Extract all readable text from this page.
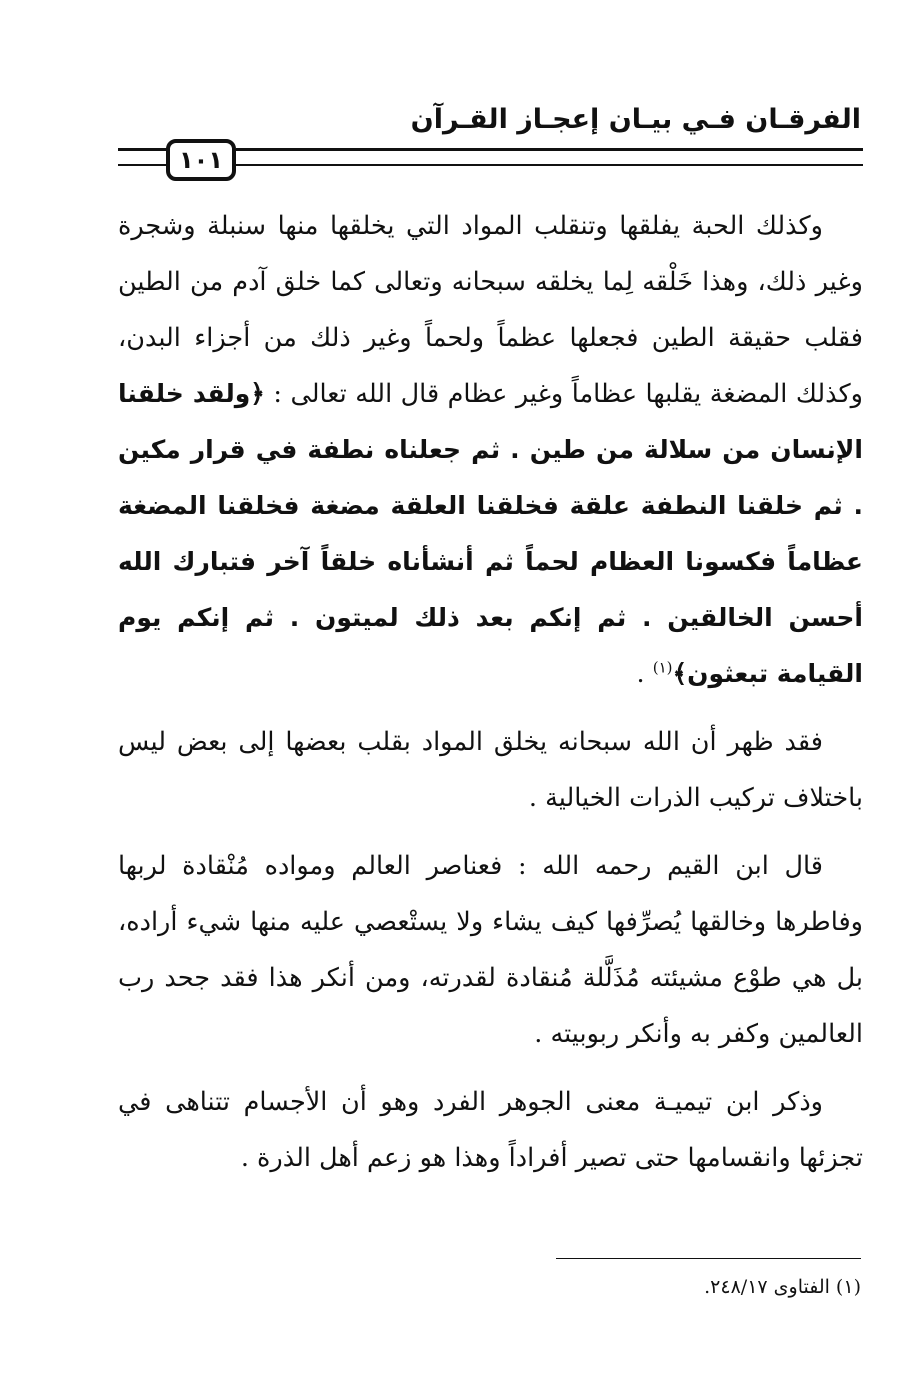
الفرقـان فـي بيـان إعجـاز القـرآن
١٠١

وكذلك الحبة يفلقها وتنقلب المواد التي يخلقها منها سنبلة وشجرة وغير ذلك، وهذا خَلْقه لِما يخلقه سبحانه وتعالى كما خلق آدم من الطين فقلب حقيقة الطين فجعلها عظماً ولحماً وغير ذلك من أجزاء البدن، وكذلك المضغة يقلبها عظاماً وغير عظام قال الله تعالى : ﴿ولقد خلقنا الإنسان من سلالة من طين . ثم جعلناه نطفة في قرار مكين . ثم خلقنا النطفة علقة فخلقنا العلقة مضغة فخلقنا المضغة عظاماً فكسونا العظام لحماً ثم أنشأناه خلقاً آخر فتبارك الله أحسن الخالقين . ثم إنكم بعد ذلك لميتون . ثم إنكم يوم القيامة تبعثون﴾$^{(١)}$ .

فقد ظهر أن الله سبحانه يخلق المواد بقلب بعضها إلى بعض ليس باختلاف تركيب الذرات الخيالية .

قال ابن القيم رحمه الله : فعناصر العالم ومواده مُنْقادة لربها وفاطرها وخالقها يُصرِّفها كيف يشاء ولا يستْعصي عليه منها شيء أراده، بل هي طوْع مشيئته مُذَلَّلة مُنقادة لقدرته، ومن أنكر هذا فقد جحد رب العالمين وكفر به وأنكر ربوبيته .

وذكر ابن تيميـة معنى الجوهر الفرد وهو أن الأجسام تتناهى في تجزئها وانقسامها حتى تصير أفراداً وهذا هو زعم أهل الذرة .

(١) الفتاوى ٢٤٨/١٧.
